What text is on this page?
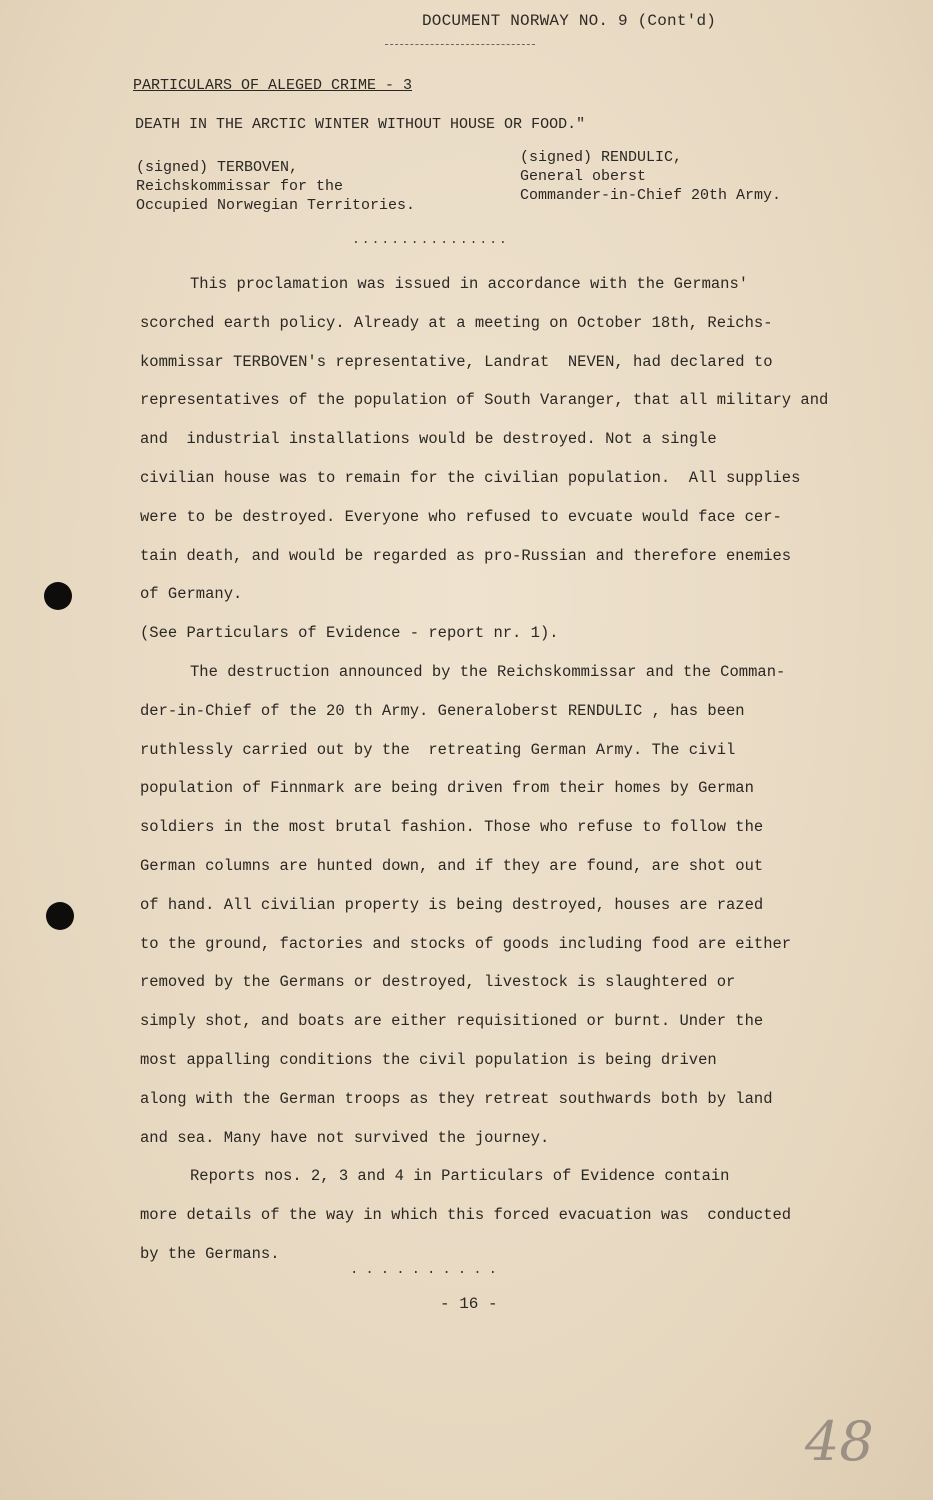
DOCUMENT NORWAY NO. 9 (Cont'd)
PARTICULARS OF ALEGED CRIME - 3
DEATH IN THE ARCTIC WINTER WITHOUT HOUSE OR FOOD."
(signed) TERBOVEN,
Reichskommissar for the
Occupied Norwegian Territories.
(signed) RENDULIC,
General oberst
Commander-in-Chief 20th Army.
................

This proclamation was issued in accordance with the Germans'
scorched earth policy. Already at a meeting on October 18th, Reichs-
kommissar TERBOVEN's representative, Landrat  NEVEN, had declared to
representatives of the population of South Varanger, that all military and
and  industrial installations would be destroyed. Not a single
civilian house was to remain for the civilian population.  All supplies
were to be destroyed. Everyone who refused to evcuate would face cer-
tain death, and would be regarded as pro-Russian and therefore enemies
of Germany.

(See Particulars of Evidence - report nr. 1).

The destruction announced by the Reichskommissar and the Comman-
der-in-Chief of the 20 th Army. Generaloberst RENDULIC , has been
ruthlessly carried out by the  retreating German Army. The civil
population of Finnmark are being driven from their homes by German
soldiers in the most brutal fashion. Those who refuse to follow the
German columns are hunted down, and if they are found, are shot out
of hand. All civilian property is being destroyed, houses are razed
to the ground, factories and stocks of goods including food are either
removed by the Germans or destroyed, livestock is slaughtered or
simply shot, and boats are either requisitioned or burnt. Under the
most appalling conditions the civil population is being driven
along with the German troops as they retreat southwards both by land
and sea. Many have not survived the journey.

Reports nos. 2, 3 and 4 in Particulars of Evidence contain
more details of the way in which this forced evacuation was  conducted
by the Germans.

..........
- 16 -
48
